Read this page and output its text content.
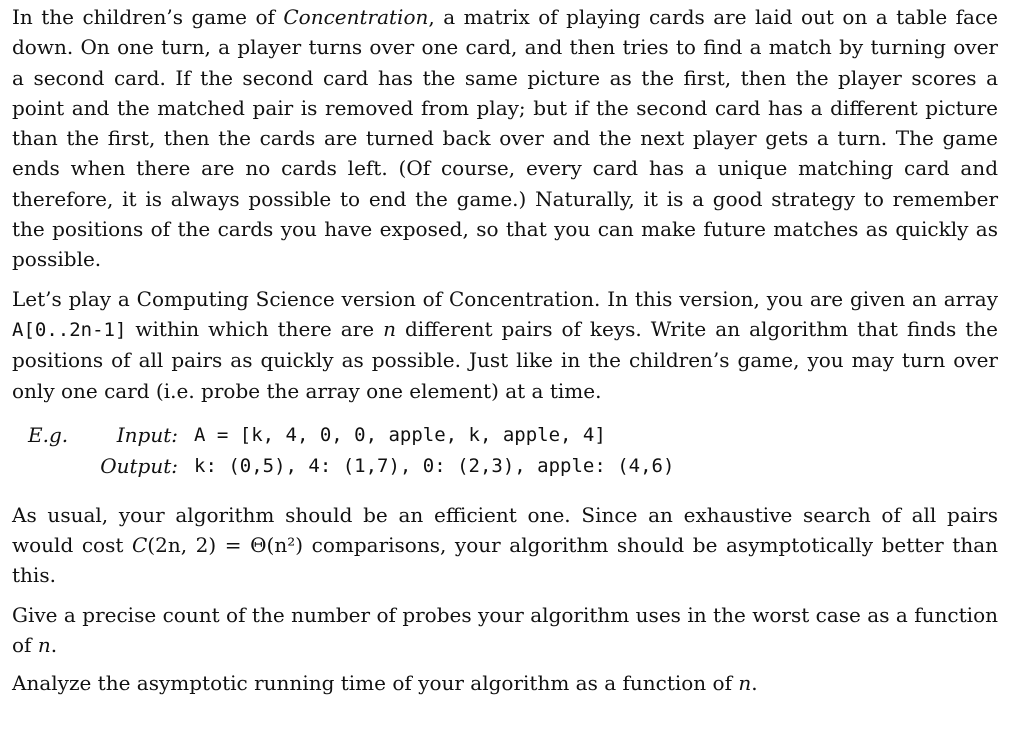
In the children’s game of Concentration, a matrix of playing cards are laid out on a table face down. On one turn, a player turns over one card, and then tries to find a match by turning over a second card. If the second card has the same picture as the first, then the player scores a point and the matched pair is removed from play; but if the second card has a different picture than the first, then the cards are turned back over and the next player gets a turn. The game ends when there are no cards left. (Of course, every card has a unique matching card and therefore, it is always possible to end the game.) Naturally, it is a good strategy to remember the positions of the cards you have exposed, so that you can make future matches as quickly as possible.

Let’s play a Computing Science version of Concentration. In this version, you are given an array A[0..2n-1] within which there are n different pairs of keys. Write an algorithm that finds the positions of all pairs as quickly as possible. Just like in the children’s game, you may turn over only one card (i.e. probe the array one element) at a time.

E.g.	Input: A = [k, 4, 0, 0, apple, k, apple, 4]
Output: k: (0,5), 4: (1,7), 0: (2,3), apple: (4,6)

As usual, your algorithm should be an efficient one. Since an exhaustive search of all pairs would cost C(2n, 2) = Θ(n²) comparisons, your algorithm should be asymptotically better than this.

Give a precise count of the number of probes your algorithm uses in the worst case as a function of n.

Analyze the asymptotic running time of your algorithm as a function of n.
